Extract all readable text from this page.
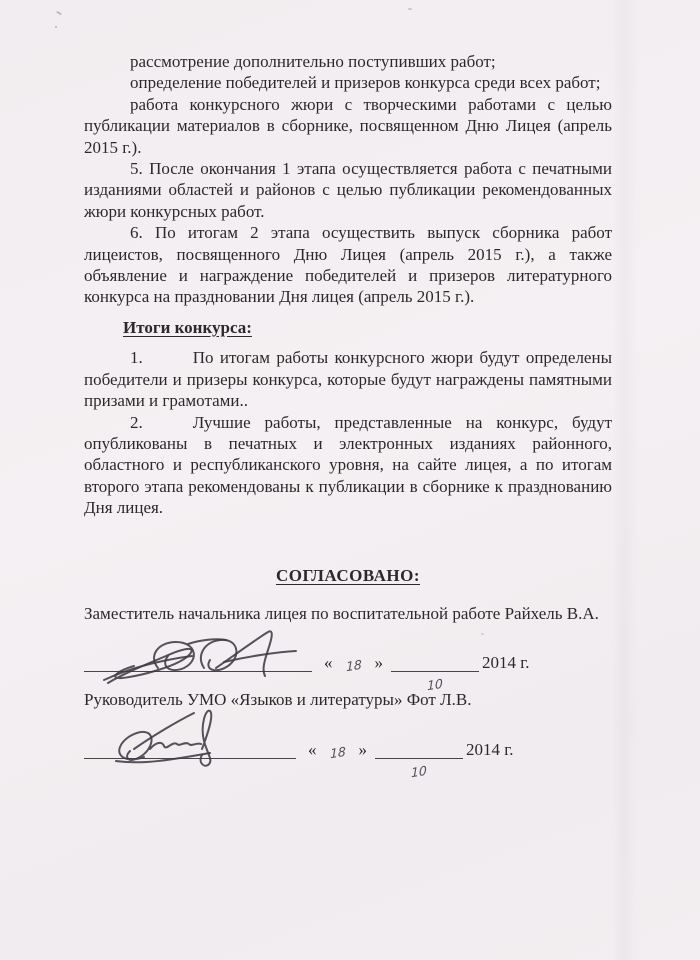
рассмотрение дополнительно поступивших работ;

определение победителей и призеров конкурса среди всех работ;

работа конкурсного жюри с творческими работами с целью публикации материалов в сборнике, посвященном Дню Лицея (апрель 2015 г.).

5. После окончания 1 этапа осуществляется работа с печатными изданиями областей и районов с целью публикации рекомендованных жюри конкурсных работ.

6. По итогам 2 этапа осуществить выпуск сборника работ лицеистов, посвященного Дню Лицея (апрель 2015 г.), а также объявление и награждение победителей и призеров литературного конкурса на праздновании Дня лицея (апрель 2015 г.).

Итоги конкурса:

1.	По итогам работы конкурсного жюри будут определены победители и призеры конкурса, которые будут награждены памятными призами и грамотами..

2.	Лучшие работы, представленные на конкурс, будут опубликованы в печатных и электронных изданиях районного, областного и республиканского уровня, на сайте лицея, а по итогам второго этапа рекомендованы к публикации в сборнике к празднованию Дня лицея.

СОГЛАСОВАНО:

Заместитель начальника лицея по воспитательной работе Райхель В.А.

«	18 »
10
2014 г.

Руководитель УМО «Языков и литературы» Фот Л.В.

«	18 »
10
2014 г.
